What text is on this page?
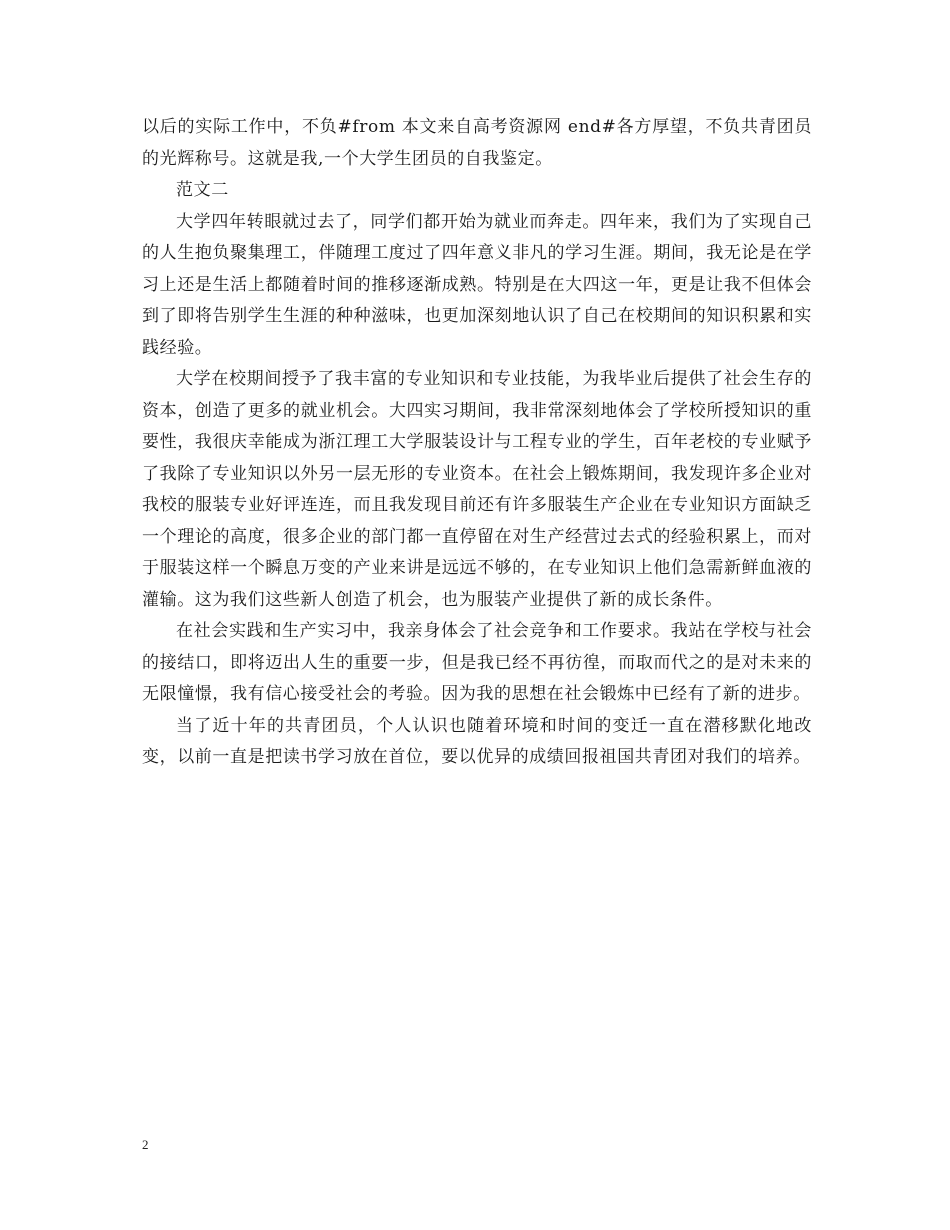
以后的实际工作中，不负#from 本文来自高考资源网 end#各方厚望，不负共青团员的光辉称号。这就是我,一个大学生团员的自我鉴定。

范文二

大学四年转眼就过去了，同学们都开始为就业而奔走。四年来，我们为了实现自己的人生抱负聚集理工，伴随理工度过了四年意义非凡的学习生涯。期间，我无论是在学习上还是生活上都随着时间的推移逐渐成熟。特别是在大四这一年，更是让我不但体会到了即将告别学生生涯的种种滋味，也更加深刻地认识了自己在校期间的知识积累和实践经验。

大学在校期间授予了我丰富的专业知识和专业技能，为我毕业后提供了社会生存的资本，创造了更多的就业机会。大四实习期间，我非常深刻地体会了学校所授知识的重要性，我很庆幸能成为浙江理工大学服装设计与工程专业的学生，百年老校的专业赋予了我除了专业知识以外另一层无形的专业资本。在社会上锻炼期间，我发现许多企业对我校的服装专业好评连连，而且我发现目前还有许多服装生产企业在专业知识方面缺乏一个理论的高度，很多企业的部门都一直停留在对生产经营过去式的经验积累上，而对于服装这样一个瞬息万变的产业来讲是远远不够的，在专业知识上他们急需新鲜血液的灌输。这为我们这些新人创造了机会，也为服装产业提供了新的成长条件。

在社会实践和生产实习中，我亲身体会了社会竞争和工作要求。我站在学校与社会的接结口，即将迈出人生的重要一步，但是我已经不再彷徨，而取而代之的是对未来的无限憧憬，我有信心接受社会的考验。因为我的思想在社会锻炼中已经有了新的进步。

当了近十年的共青团员，个人认识也随着环境和时间的变迁一直在潜移默化地改变，以前一直是把读书学习放在首位，要以优异的成绩回报祖国共青团对我们的培养。

2
